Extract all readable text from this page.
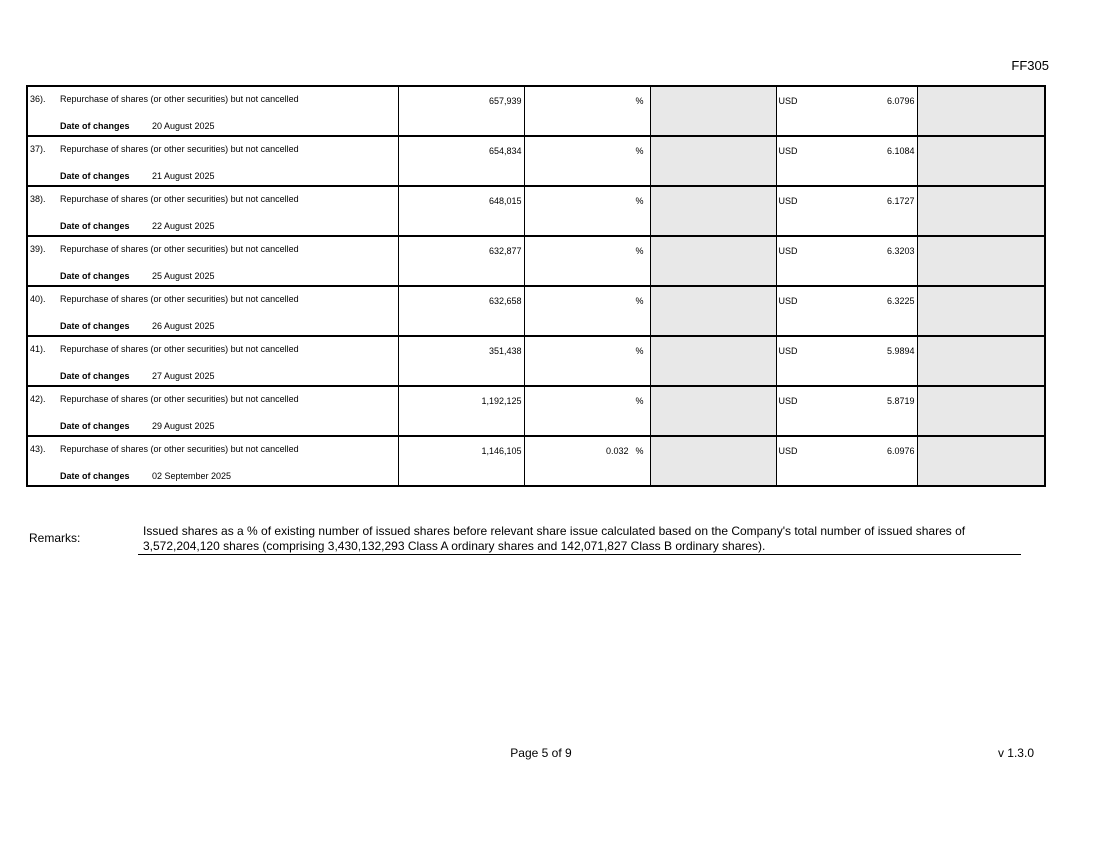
FF305
36). Repurchase of shares (or other securities) but not cancelled
Date of changes 20 August 2025	657,939	%		USD 6.0796	

37). Repurchase of shares (or other securities) but not cancelled
Date of changes 21 August 2025	654,834	%		USD 6.1084	

38). Repurchase of shares (or other securities) but not cancelled
Date of changes 22 August 2025	648,015	%		USD 6.1727	

39). Repurchase of shares (or other securities) but not cancelled
Date of changes 25 August 2025	632,877	%		USD 6.3203	

40). Repurchase of shares (or other securities) but not cancelled
Date of changes 26 August 2025	632,658	%		USD 6.3225	

41). Repurchase of shares (or other securities) but not cancelled
Date of changes 27 August 2025	351,438	%		USD 5.9894	

42). Repurchase of shares (or other securities) but not cancelled
Date of changes 29 August 2025	1,192,125	%		USD 5.8719	

43). Repurchase of shares (or other securities) but not cancelled
Date of changes 02 September 2025	1,146,105	0.032 %		USD 6.0976	

Remarks:	Issued shares as a % of existing number of issued shares before relevant share issue calculated based on the Company's total number of issued shares of 3,572,204,120 shares (comprising 3,430,132,293 Class A ordinary shares and 142,071,827 Class B ordinary shares).
Page 5 of 9	v 1.3.0
